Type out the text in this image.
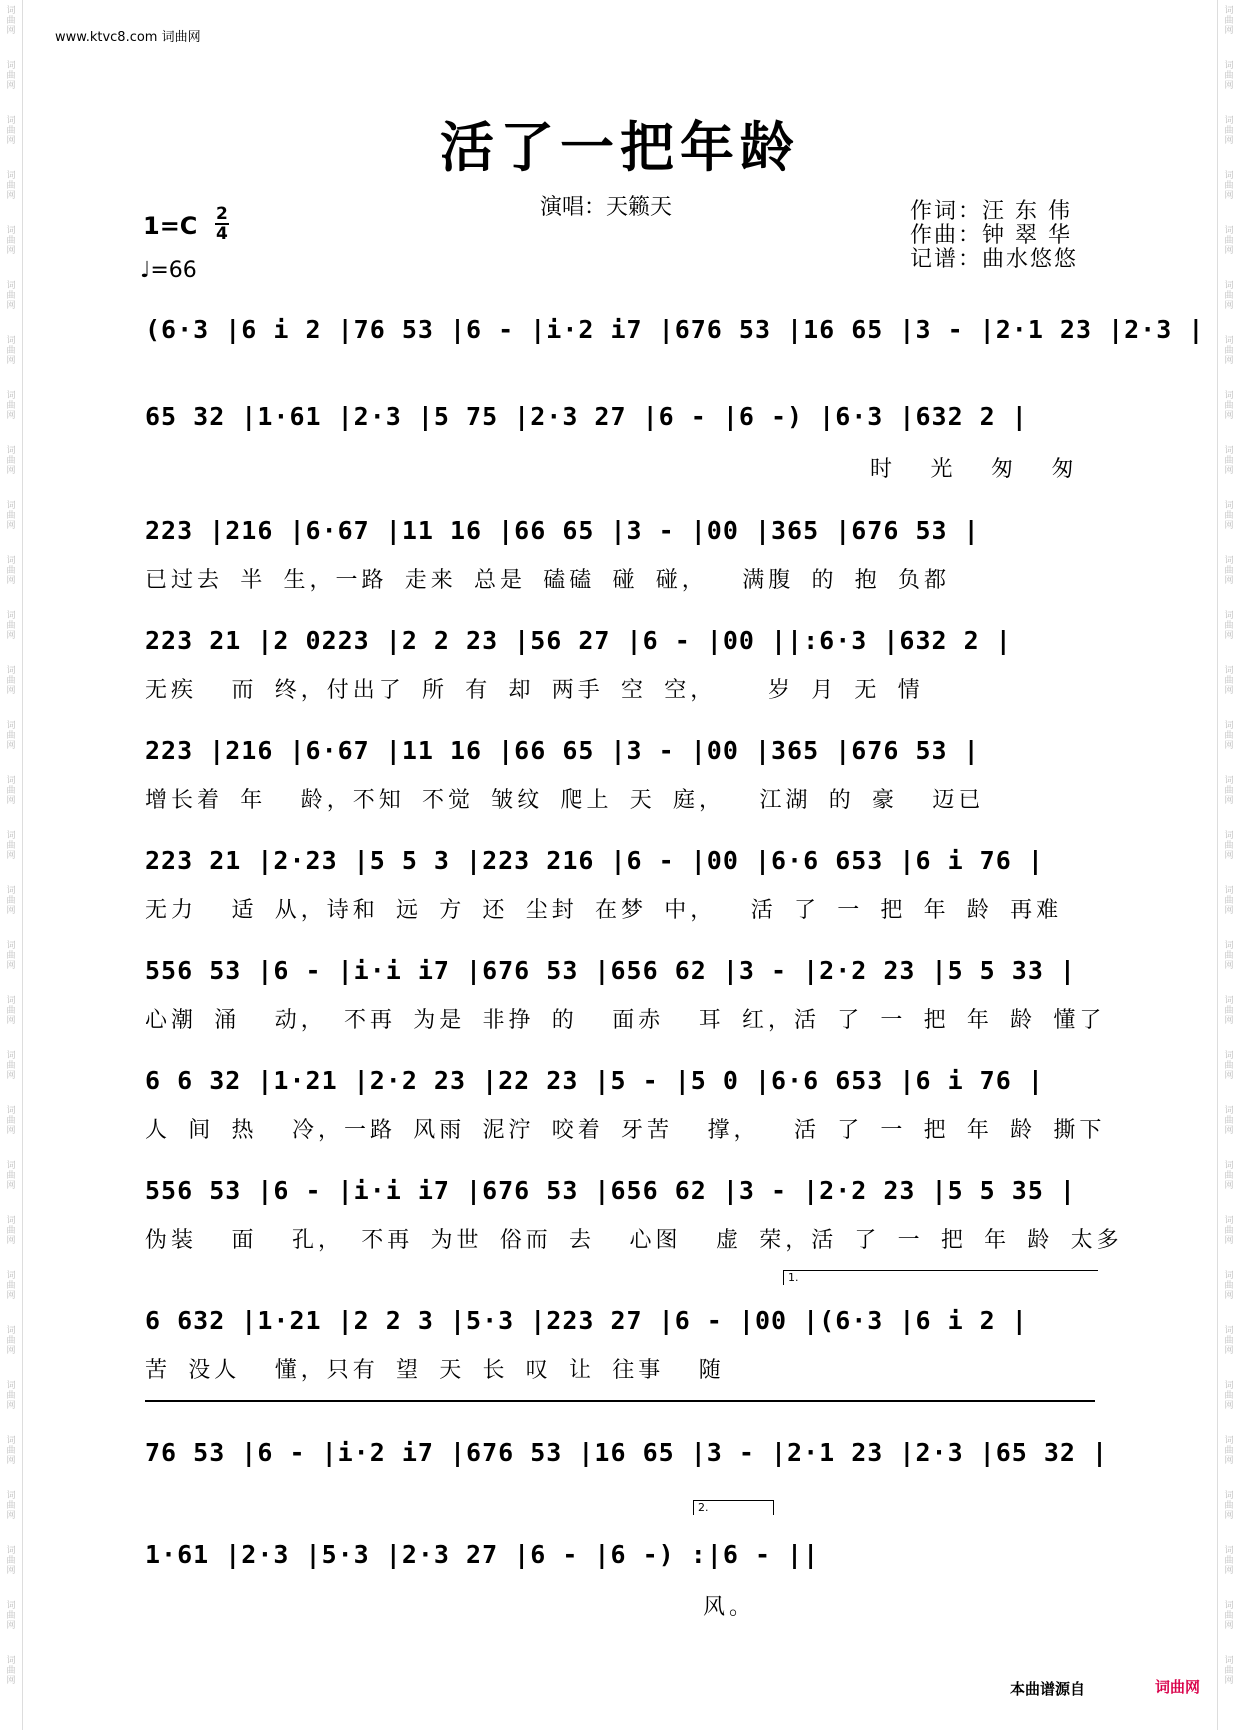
词
曲
网
词
曲
网
词
曲
网
词
曲
网
词
曲
网
词
曲
网
词
曲
网
词
曲
网
词
曲
网
词
曲
网
词
曲
网
词
曲
网
词
曲
网
词
曲
网
词
曲
网
词
曲
网
词
曲
网
词
曲
网
词
曲
网
词
曲
网
词
曲
网
词
曲
网
词
曲
网
词
曲
网
词
曲
网
词
曲
网
词
曲
网
词
曲
网
词
曲
网
词
曲
网
词
曲
网
词
曲
网
词
曲
网
词
曲
网
词
曲
网
词
曲
网
词
曲
网
词
曲
网
词
曲
网
词
曲
网
词
曲
网
词
曲
网
词
曲
网
词
曲
网
词
曲
网
词
曲
网
词
曲
网
词
曲
网
词
曲
网
词
曲
网
词
曲
网
词
曲
网
词
曲
网
词
曲
网
词
曲
网
词
曲
网
词
曲
网
词
曲
网
词
曲
网
词
曲
网
词
曲
网
词
曲
网
www.ktvc8.com 词曲网
活了一把年龄
演唱：天籁天
$1=C \frac{2}{4}$
♩=66
作词：汪 东 伟
作曲：钟 翠 华
记谱：曲水悠悠
(6·3 |6 i 2 |76 53 |6 - |i·2 i7 |676 53 |16 65 |3 - |2·1 23 |2·3 |
65 32 |1·61 |2·3 |5 75 |2·3 27 |6 - |6 -) |6·3 |632 2 |
时  光  匆  匆
223 |216 |6·67 |11 16 |66 65 |3 - |00 |365 |676 53 |
已过去 半 生，一路 走来 总是 磕磕 碰 碰，  满腹 的 抱 负都
223 21 |2 0223 |2 2 23 |56 27 |6 - |00 ||:6·3 |632 2 |
无疾  而 终，付出了 所 有 却 两手 空 空，   岁 月 无 情
223 |216 |6·67 |11 16 |66 65 |3 - |00 |365 |676 53 |
增长着 年  龄，不知 不觉 皱纹 爬上 天 庭，  江湖 的 豪  迈已
223 21 |2·23 |5 5 3 |223 216 |6 - |00 |6·6 653 |6 i 76 |
无力  适 从，诗和 远 方 还 尘封 在梦 中，  活 了 一 把 年 龄 再难
556 53 |6 - |i·i i7 |676 53 |656 62 |3 - |2·2 23 |5 5 33 |
心潮 涌  动， 不再 为是 非挣 的  面赤  耳 红，活 了 一 把 年 龄 懂了
6 6 32 |1·21 |2·2 23 |22 23 |5 - |5 0 |6·6 653 |6 i 76 |
人 间 热  冷，一路 风雨 泥泞 咬着 牙苦  撑，  活 了 一 把 年 龄 撕下
556 53 |6 - |i·i i7 |676 53 |656 62 |3 - |2·2 23 |5 5 35 |
伪装  面  孔， 不再 为世 俗而 去  心图  虚 荣，活 了 一 把 年 龄 太多
1.
6 632 |1·21 |2 2 3 |5·3 |223 27 |6 - |00 |(6·3 |6 i 2 |
苦 没人  懂，只有 望 天 长 叹 让 往事  随
76 53 |6 - |i·2 i7 |676 53 |16 65 |3 - |2·1 23 |2·3 |65 32 |
2.
1·61 |2·3 |5·3 |2·3 27 |6 - |6 -) :|6 - ||
风。
本曲谱源自	词曲网
